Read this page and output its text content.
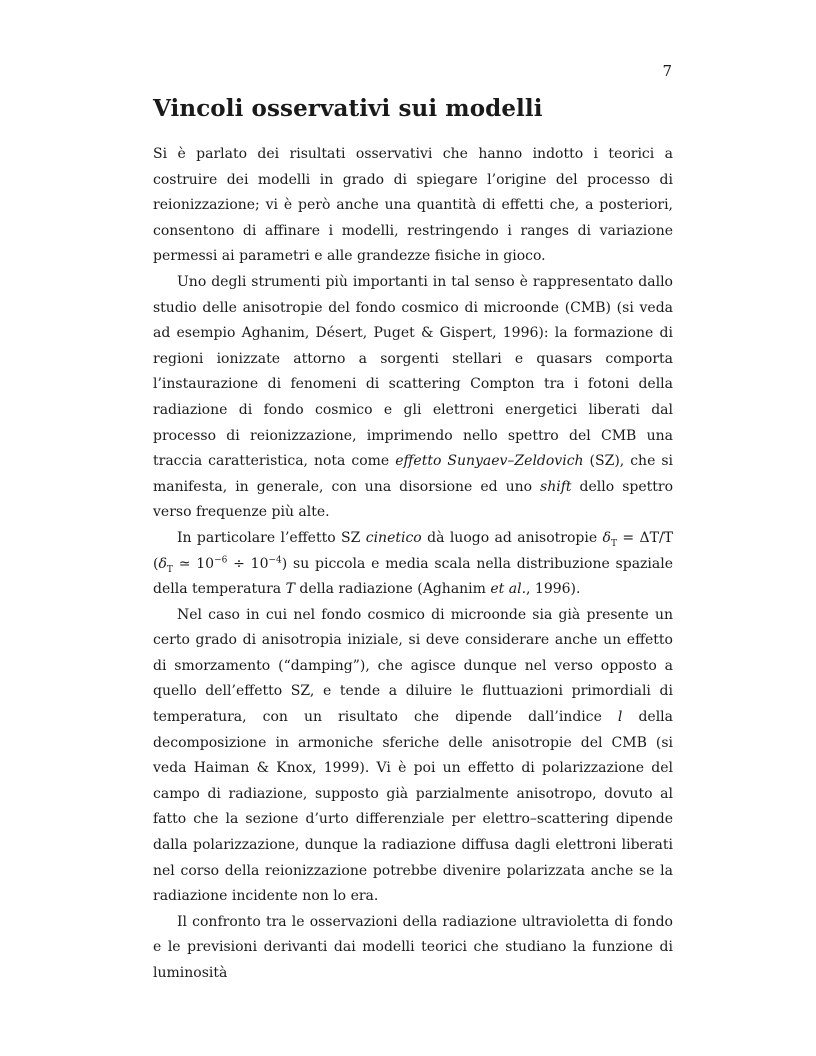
7
Vincoli osservativi sui modelli

Si è parlato dei risultati osservativi che hanno indotto i teorici a costruire dei modelli in grado di spiegare l’origine del processo di reionizzazione; vi è però anche una quantità di effetti che, a posteriori, consentono di affinare i modelli, restringendo i ranges di variazione permessi ai parametri e alle grandezze fisiche in gioco.

Uno degli strumenti più importanti in tal senso è rappresentato dallo studio delle anisotropie del fondo cosmico di microonde (CMB) (si veda ad esempio Aghanim, Désert, Puget & Gispert, 1996): la formazione di regioni ionizzate attorno a sorgenti stellari e quasars comporta l’instaurazione di fenomeni di scattering Compton tra i fotoni della radiazione di fondo cosmico e gli elettroni energetici liberati dal processo di reionizzazione, imprimendo nello spettro del CMB una traccia caratteristica, nota come effetto Sunyaev–Zeldovich (SZ), che si manifesta, in generale, con una disorsione ed uno shift dello spettro verso frequenze più alte.

In particolare l’effetto SZ cinetico dà luogo ad anisotropie $\delta_T = \Delta T/T$ ($\delta_T$ ≃ $10^{-6} \div 10^{-4}$) su piccola e media scala nella distribuzione spaziale della temperatura T della radiazione (Aghanim et al., 1996).

Nel caso in cui nel fondo cosmico di microonde sia già presente un certo grado di anisotropia iniziale, si deve considerare anche un effetto di smorzamento (“damping”), che agisce dunque nel verso opposto a quello dell’effetto SZ, e tende a diluire le fluttuazioni primordiali di temperatura, con un risultato che dipende dall’indice l della decomposizione in armoniche sferiche delle anisotropie del CMB (si veda Haiman & Knox, 1999). Vi è poi un effetto di polarizzazione del campo di radiazione, supposto già parzialmente anisotropo, dovuto al fatto che la sezione d’urto differenziale per elettro–scattering dipende dalla polarizzazione, dunque la radiazione diffusa dagli elettroni liberati nel corso della reionizzazione potrebbe divenire polarizzata anche se la radiazione incidente non lo era.

Il confronto tra le osservazioni della radiazione ultravioletta di fondo e le previsioni derivanti dai modelli teorici che studiano la funzione di luminosità
